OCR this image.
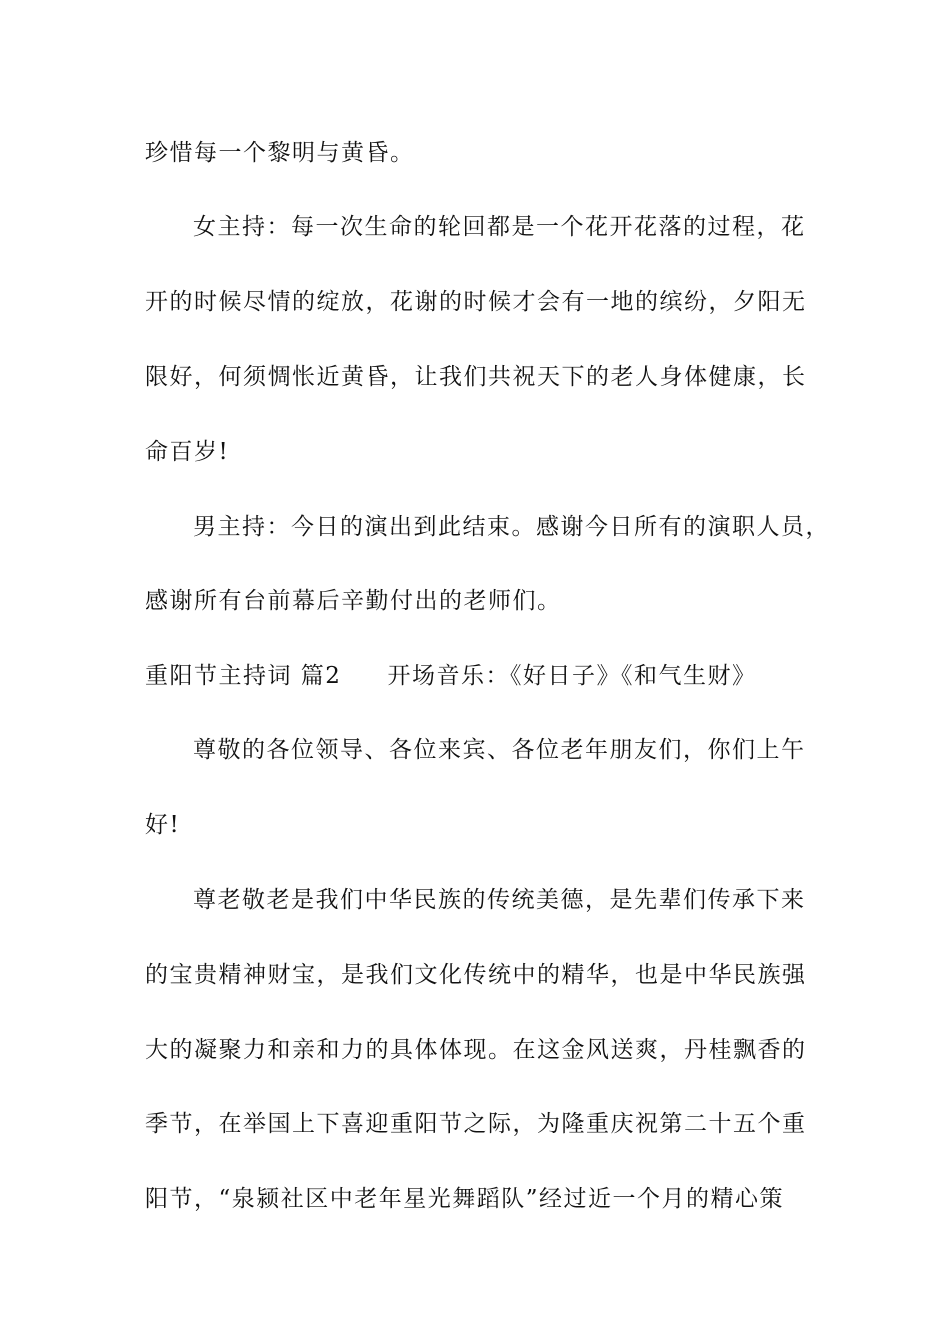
珍惜每一个黎明与黄昏。
女主持：每一次生命的轮回都是一个花开花落的过程，花
开的时候尽情的绽放，花谢的时候才会有一地的缤纷，夕阳无
限好，何须惆怅近黄昏，让我们共祝天下的老人身体健康，长
命百岁!
男主持：今日的演出到此结束。感谢今日所有的演职人员，
感谢所有台前幕后辛勤付出的老师们。
重阳节主持词 篇2 开场音乐：《好日子》《和气生财》
尊敬的各位领导、各位来宾、各位老年朋友们，你们上午
好!
尊老敬老是我们中华民族的传统美德，是先辈们传承下来
的宝贵精神财宝，是我们文化传统中的精华，也是中华民族强
大的凝聚力和亲和力的具体体现。在这金风送爽，丹桂飘香的
季节，在举国上下喜迎重阳节之际，为隆重庆祝第二十五个重
阳节，“泉颍社区中老年星光舞蹈队”经过近一个月的精心策
